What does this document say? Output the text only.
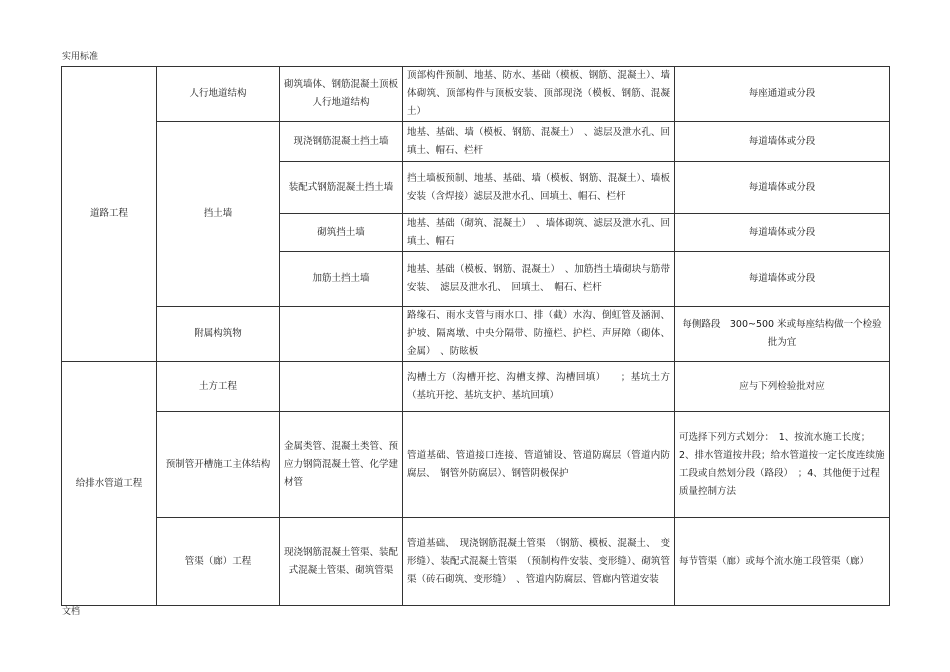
实用标准
道路工程	人行地道结构	砌筑墙体、钢筋混凝土顶板人行地道结构	顶部构件预制、地基、防水、基础（模板、钢筋、混凝土）、墙体砌筑、顶部构件与顶板安装、顶部现浇（模板、钢筋、混凝土）	每座通道或分段
	挡土墙	现浇钢筋混凝土挡土墙	地基、基础、墙（模板、钢筋、混凝土）　、滤层及泄水孔、回填土、帽石、栏杆	每道墙体或分段
		装配式钢筋混凝土挡土墙	挡土墙板预制、地基、基础、墙（模板、钢筋、混凝土）、墙板安装（含焊接）滤层及泄水孔、回填土、帽石、栏杆	每道墙体或分段
		砌筑挡土墙	地基、基础（砌筑、混凝土）　、墙体砌筑、滤层及泄水孔、回填土、帽石	每道墙体或分段
		加筋土挡土墙	地基、基础（模板、钢筋、混凝土）　、加筋挡土墙砌块与筋带安装、　滤层及泄水孔、　回填土、　帽石、栏杆	每道墙体或分段
	附属构筑物		路缘石、雨水支管与雨水口、排（截）水沟、倒虹管及涵洞、护坡、隔离墩、中央分隔带、防撞栏、护栏、声屏障（砌体、金属）　、防眩板	每侧路段　300~500 米或每座结构做一个检验批为宜
给排水管道工程	土方工程		沟槽土方（沟槽开挖、沟槽支撑、沟槽回填）　　；基坑土方（基坑开挖、基坑支护、基坑回填）	应与下列检验批对应
	预制管开槽施工主体结构	金属类管、混凝土类管、预应力钢筒混凝土管、化学建材管	管道基础、管道接口连接、管道铺设、管道防腐层（管道内防腐层、　钢管外防腐层）、钢管阴极保护	可选择下列方式划分：　1、按流水施工长度；　2、排水管道按井段；给水管道按一定长度连续施工段或自然划分段（路段）　；4、其他便于过程质量控制方法
	管渠（廊）工程	现浇钢筋混凝土管渠、装配式混凝土管渠、砌筑管渠	管道基础、　现浇钢筋混凝土管渠　（钢筋、模板、混凝土、　变形缝）、装配式混凝土管渠　（预制构件安装、变形缝）、砌筑管渠（砖石砌筑、变形缝）　、管道内防腐层、管廊内管道安装	每节管渠（廊）或每个流水施工段管渠（廊）
文档
